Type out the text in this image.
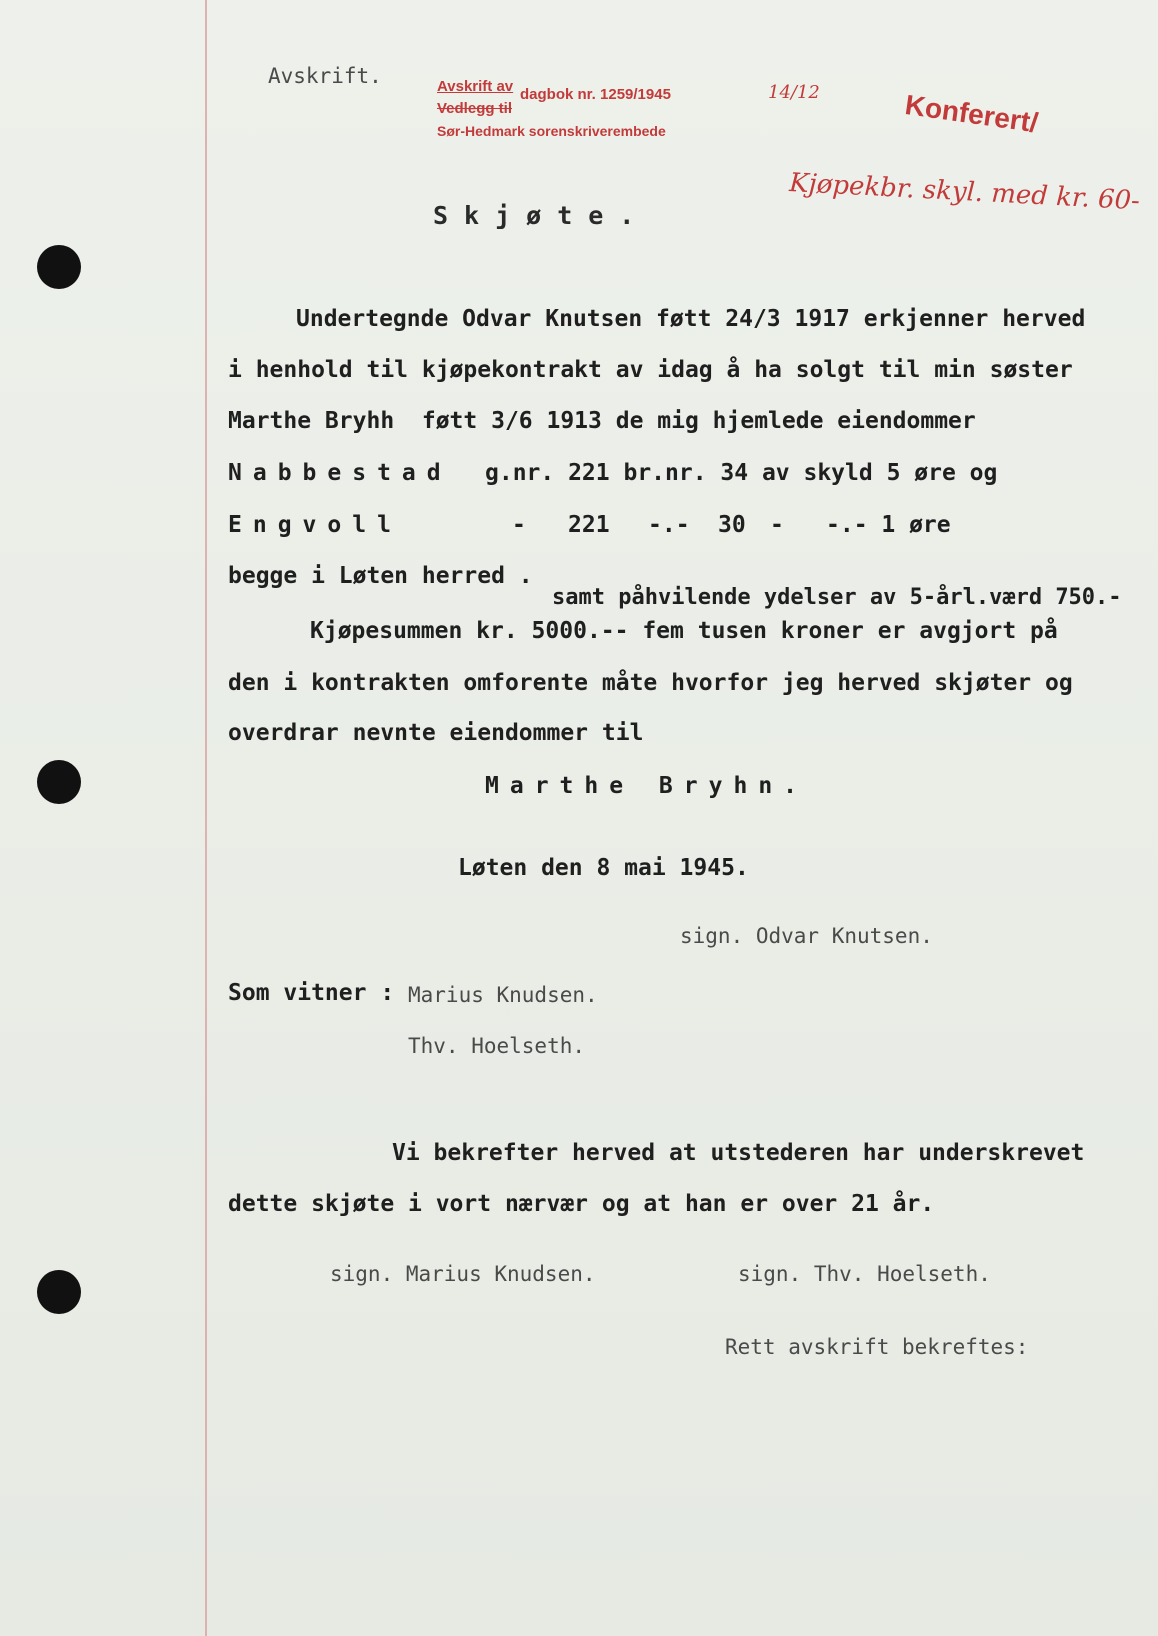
Avskrift.	Avskrift av dagbok nr. 1259/1945	14/12
Vedlegg til
Sør-Hedmark sorenskriverembede	Konferert/
Kjøpekbr. skyl. med kr. 60-
Skjøte.
Undertegnde Odvar Knutsen føtt 24/3 1917 erkjenner herved
i henhold til kjøpekontrakt av idag å ha solgt til min søster
Marthe Bryhh  føtt 3/6 1913 de mig hjemlede eiendommer
Nabbestad g.nr. 221 br.nr. 34 av skyld 5 øre og
Engvoll	- 221 -.- 30 - -.- 1 øre
begge i Løten herred .
samt påhvilende ydelser av 5-årl.værd 750.-
Kjøpesummen kr. 5000.-- fem tusen kroner er avgjort på
den i kontrakten omforente måte hvorfor jeg herved skjøter og
overdrar nevnte eiendommer til
Marthe Bryhn.
Løten den 8 mai 1945.
sign. Odvar Knutsen.
Som vitner : Marius Knudsen.
Thv. Hoelseth.
Vi bekrefter herved at utstederen har underskrevet
dette skjøte i vort nærvær og at han er over 21 år.
sign. Marius Knudsen.	sign. Thv. Hoelseth.
Rett avskrift bekreftes:
